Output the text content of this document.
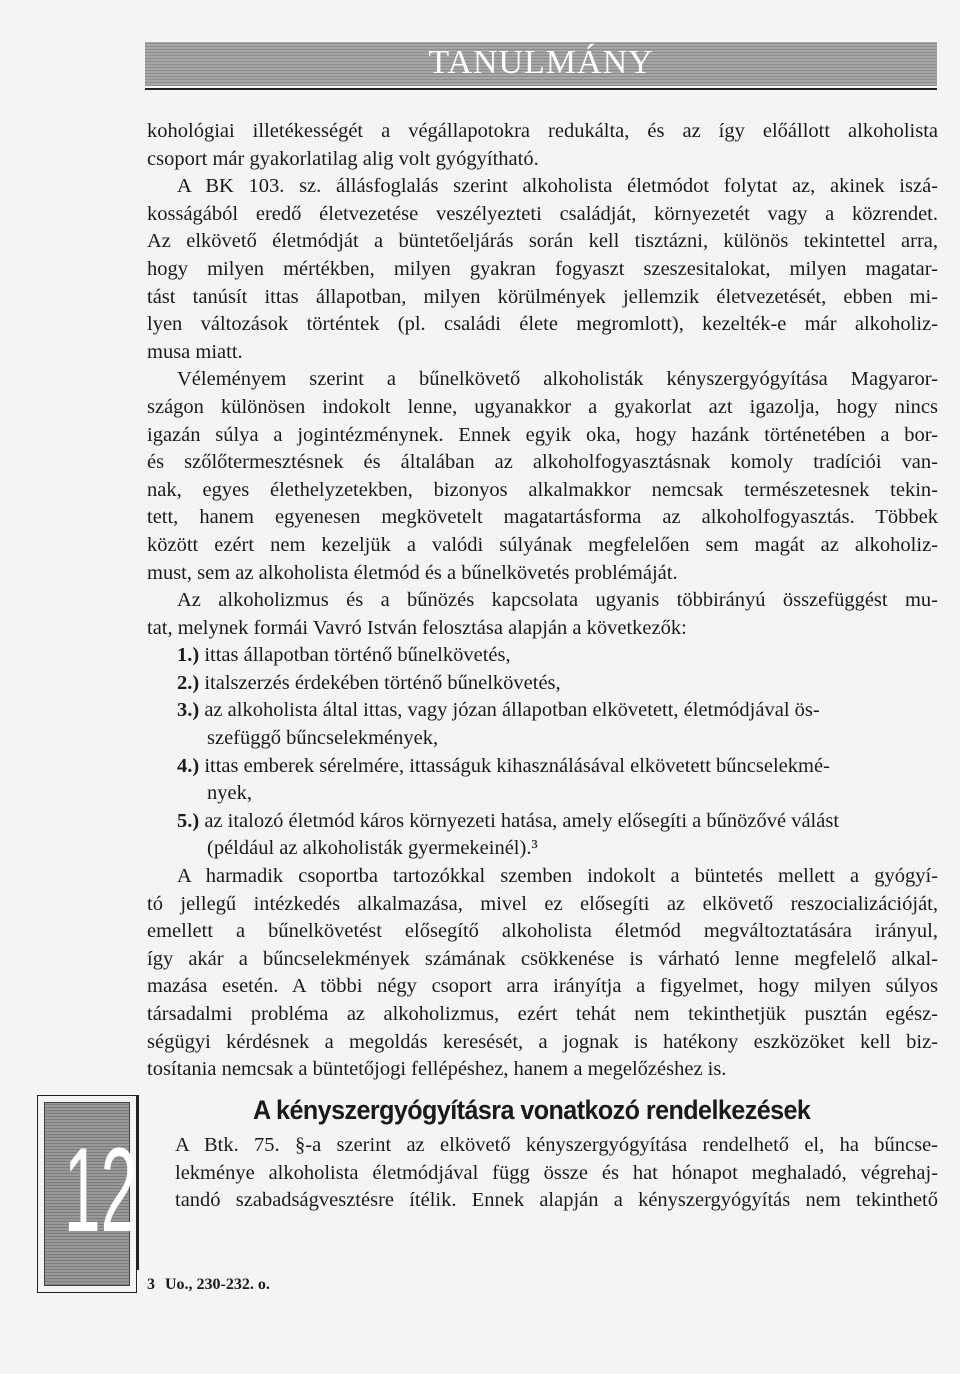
TANULMÁNY
kohológiai illetékességét a végállapotokra redukálta, és az így előállott alkoholista
csoport már gyakorlatilag alig volt gyógyítható.
A BK 103. sz. állásfoglalás szerint alkoholista életmódot folytat az, akinek iszá-
kosságából eredő életvezetése veszélyezteti családját, környezetét vagy a közrendet.
Az elkövető életmódját a büntetőeljárás során kell tisztázni, különös tekintettel arra,
hogy milyen mértékben, milyen gyakran fogyaszt szeszesitalokat, milyen magatar-
tást tanúsít ittas állapotban, milyen körülmények jellemzik életvezetését, ebben mi-
lyen változások történtek (pl. családi élete megromlott), kezelték-e már alkoholiz-
musa miatt.
Véleményem szerint a bűnelkövető alkoholisták kényszergyógyítása Magyaror-
szágon különösen indokolt lenne, ugyanakkor a gyakorlat azt igazolja, hogy nincs
igazán súlya a jogintézménynek. Ennek egyik oka, hogy hazánk történetében a bor-
és szőlőtermesztésnek és általában az alkoholfogyasztásnak komoly tradíciói van-
nak, egyes élethelyzetekben, bizonyos alkalmakkor nemcsak természetesnek tekin-
tett, hanem egyenesen megkövetelt magatartásforma az alkoholfogyasztás. Többek
között ezért nem kezeljük a valódi súlyának megfelelően sem magát az alkoholiz-
must, sem az alkoholista életmód és a bűnelkövetés problémáját.
Az alkoholizmus és a bűnözés kapcsolata ugyanis többirányú összefüggést mu-
tat, melynek formái Vavró István felosztása alapján a következők:
1.) ittas állapotban történő bűnelkövetés,
2.) italszerzés érdekében történő bűnelkövetés,
3.) az alkoholista által ittas, vagy józan állapotban elkövetett, életmódjával ös-
szefüggő bűncselekmények,
4.) ittas emberek sérelmére, ittasságuk kihasználásával elkövetett bűncselekmé-
nyek,
5.) az italozó életmód káros környezeti hatása, amely elősegíti a bűnözővé válást
(például az alkoholisták gyermekeinél).³
A harmadik csoportba tartozókkal szemben indokolt a büntetés mellett a gyógyí-
tó jellegű intézkedés alkalmazása, mivel ez elősegíti az elkövető reszocializációját,
emellett a bűnelkövetést elősegítő alkoholista életmód megváltoztatására irányul,
így akár a bűncselekmények számának csökkenése is várható lenne megfelelő alkal-
mazása esetén. A többi négy csoport arra irányítja a figyelmet, hogy milyen súlyos
társadalmi probléma az alkoholizmus, ezért tehát nem tekinthetjük pusztán egész-
ségügyi kérdésnek a megoldás keresését, a jognak is hatékony eszközöket kell biz-
tosítania nemcsak a büntetőjogi fellépéshez, hanem a megelőzéshez is.
A kényszergyógyításra vonatkozó rendelkezések
A Btk. 75. §-a szerint az elkövető kényszergyógyítása rendelhető el, ha bűncse-
lekménye alkoholista életmódjával függ össze és hat hónapot meghaladó, végrehaj-
tandó szabadságvesztésre ítélik. Ennek alapján a kényszergyógyítás nem tekinthető
12
3 Uo., 230-232. o.
